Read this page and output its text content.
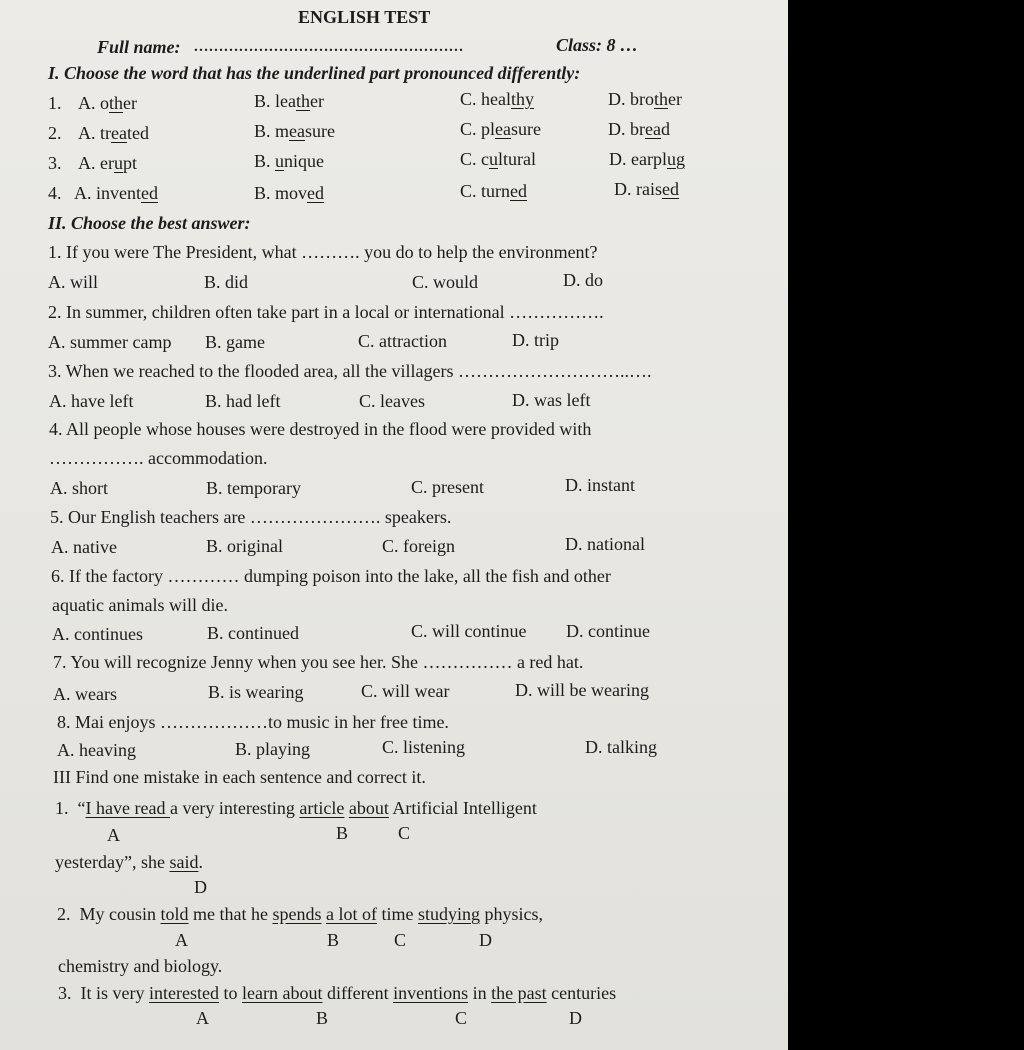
ENGLISH TEST
Full name: ………………………………………………	Class: 8 …
I. Choose the word that has the underlined part pronounced differently:
1. A. other	B. leather	C. healthy	D. brother
2. A. treated	B. measure	C. pleasure	D. bread
3. A. erupt	B. unique	C. cultural	D. earplug
4. A. invented	B. moved	C. turned	D. raised
II. Choose the best answer:
1. If you were The President, what ………. you do to help the environment?
A. will	B. did	C. would	D. do
2. In summer, children often take part in a local or international …………….
A. summer camp B. game	C. attraction	D. trip
3. When we reached to the flooded area, all the villagers ………………………..….
A. have left	B. had left	C. leaves	D. was left
4. All people whose houses were destroyed in the flood were provided with
……………. accommodation.
A. short	B. temporary	C. present	D. instant
5. Our English teachers are …………………. speakers.
A. native	B. original	C. foreign	D. national
6. If the factory ………… dumping poison into the lake, all the fish and other
aquatic animals will die.
A. continues	B. continued	C. will continue D. continue
7. You will recognize Jenny when you see her. She …………… a red hat.
A. wears	B. is wearing	C. will wear	D. will be wearing
8. Mai enjoys ………………to music in her free time.
A. heaving	B. playing	C. listening	D. talking
III Find one mistake in each sentence and correct it.
1. “I have read a very interesting article about Artificial Intelligent
A	B	C
yesterday”, she said.
D
2. My cousin told me that he spends a lot of time studying physics,
A	B	C	D
chemistry and biology.
3. It is very interested to learn about different inventions in the past centuries
A	B	C	D
